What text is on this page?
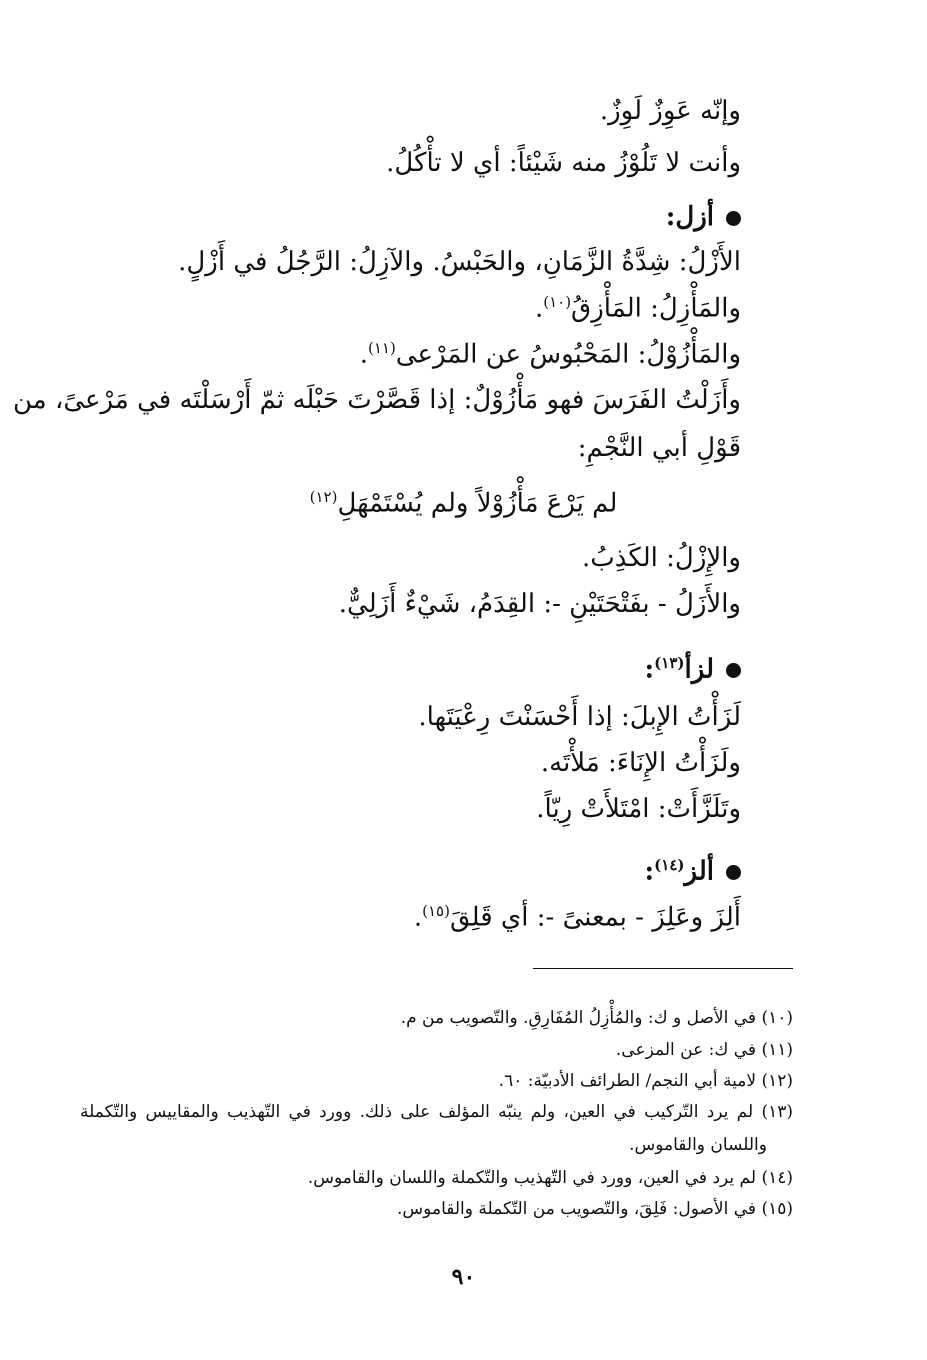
وإنّه عَوِزٌ لَوِزٌ.
وأنت لا تَلُوْزُ منه شَيْئاً: أي لا تأْكُلُ.
أزل:
الأَزْلُ: شِدَّةُ الزَّمَانِ، والحَبْسُ. والآزِلُ: الرَّجُلُ في أَزْلٍ.
والمَأْزِلُ: المَأْزِقُ$^{(١٠)}$.
والمَأْزُوْلُ: المَحْبُوسُ عن المَرْعى$^{(١١)}$.
وأَزَلْتُ الفَرَسَ فهو مَأْزُوْلٌ: إذا قَصَّرْتَ حَبْلَه ثمّ أَرْسَلْتَه في مَرْعىً، من
قَوْلِ أبي النَّجْمِ:
لم يَرْعَ مَأْزُوْلاً ولم يُسْتَمْهَلِ$^{(١٢)}$
والإِزْلُ: الكَذِبُ.
والأَزَلُ - بفَتْحَتَيْنِ -: القِدَمُ، شَيْءٌ أَزَلِيٌّ.
لزأ$^{(١٣)}$:
لَزَأْتُ الإِبلَ: إذا أَحْسَنْتَ رِعْيَتَها.
ولَزَأْتُ الإِنَاءَ: مَلأْتَه.
وتَلَزَّأَتْ: امْتَلأَتْ رِيّاً.
ألز$^{(١٤)}$:
أَلِزَ وعَلِزَ - بمعنىً -: أي قَلِقَ$^{(١٥)}$.
(١٠) في الأصل و ك: والمُأْزِلُ المُفَارِقِ. والتّصويب من م.
(١١) في ك: عن المزعى.
(١٢) لامية أبي النجم/ الطرائف الأدبيّة: ٦٠.
(١٣) لم يرد التّركيب في العين، ولم ينبّه المؤلف على ذلك. وورد في التّهذيب والمقاييس والتّكملة
واللسان والقاموس.
(١٤) لم يرد في العين، وورد في التّهذيب والتّكملة واللسان والقاموس.
(١٥) في الأصول: فَلِقَ، والتّصويب من التّكملة والقاموس.
٩٠
